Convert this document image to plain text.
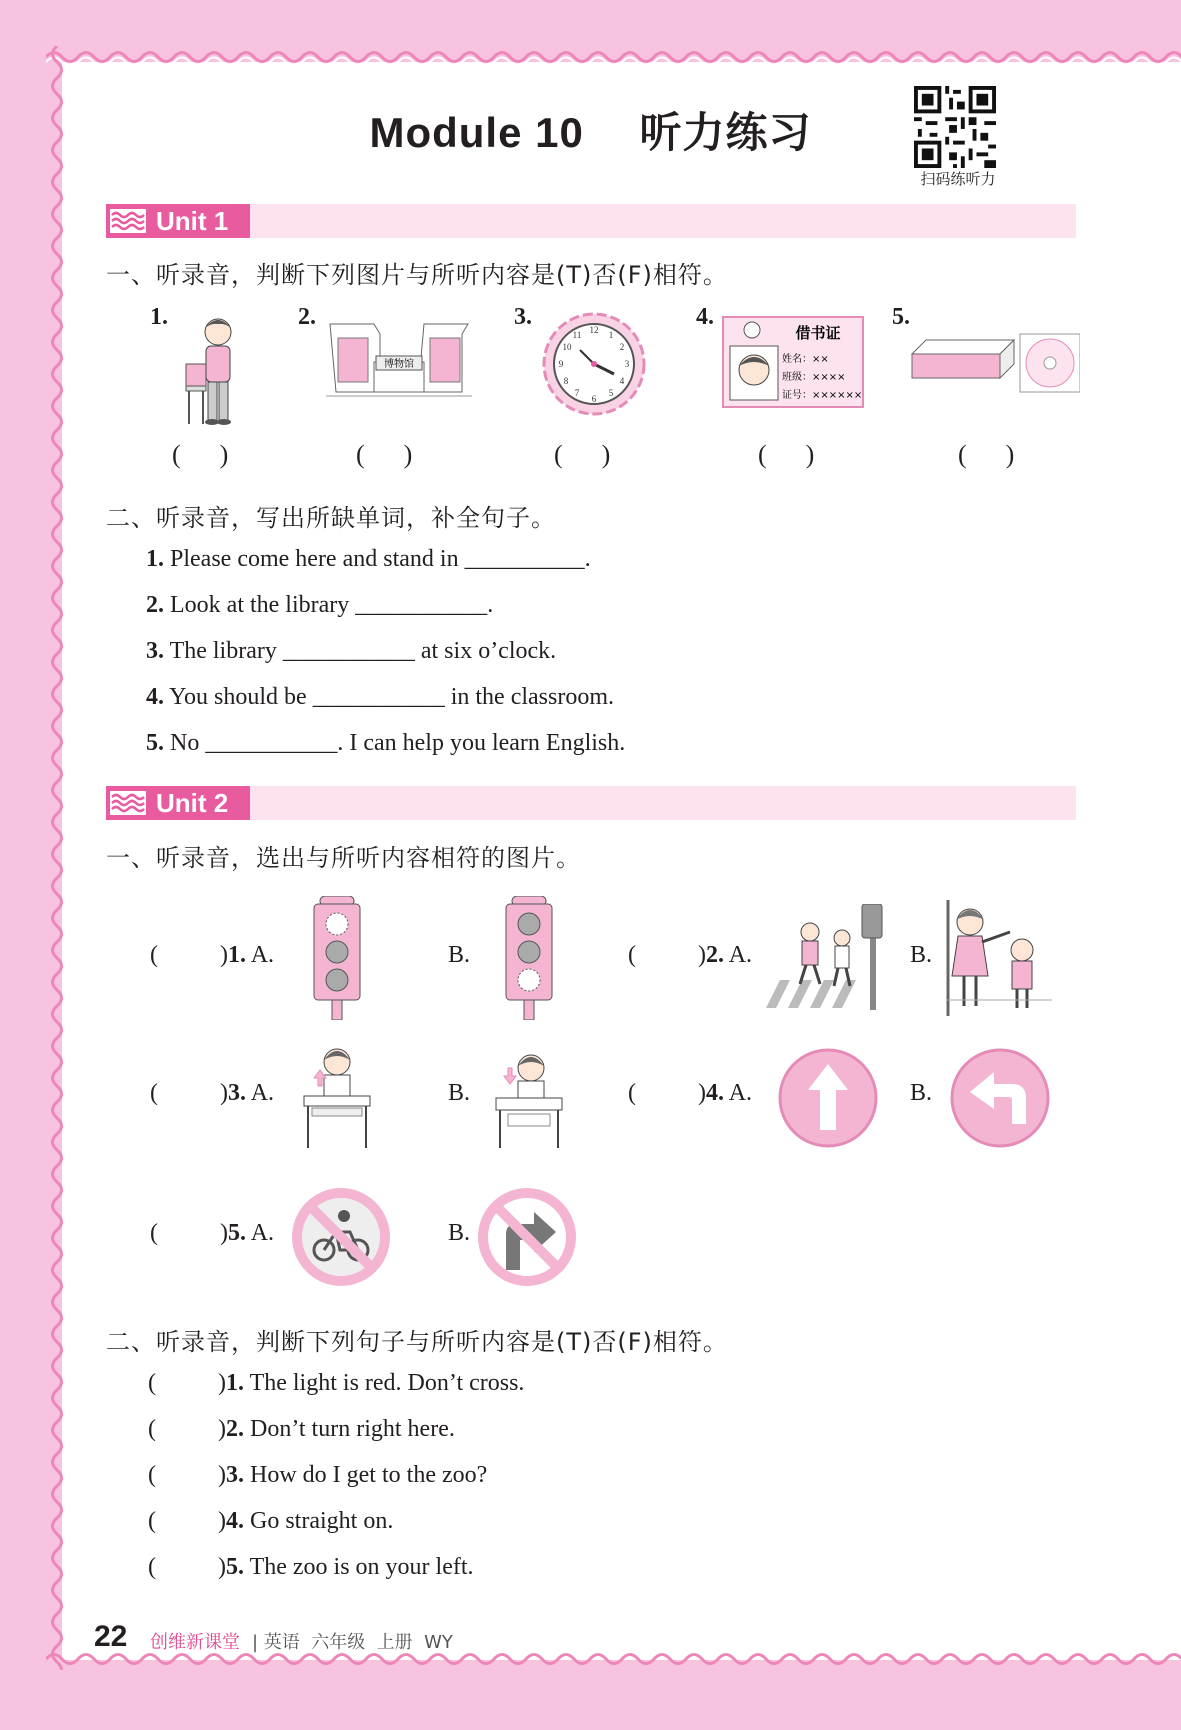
Module 10　 听力练习
扫码练听力
Unit 1
一、听录音，判断下列图片与所听内容是(T)否(F)相符。
1.	2.	3.	4.	5.
博物馆
12
6
3
9
1
2
4
5
7
8
10
11	借书证
姓名：××
班级：××××
证号：××××××
(      )	(      )	(      )	(      )	(      )
二、听录音，写出所缺单词，补全句子。
1. Please come here and stand in __________.
2. Look at the library ___________.
3. The library ___________ at six o’clock.
4. You should be ___________ in the classroom.
5. No ___________. I can help you learn English.
Unit 2
一、听录音，选出与所听内容相符的图片。
(	)1. A.	B.	(	)2. A.	B.
(	)3. A.	B.	(	)4. A.	B.
(	)5. A.	B.
二、听录音，判断下列句子与所听内容是(T)否(F)相符。
(	)1. The light is red. Don’t cross.
(	)2. Don’t turn right here.
(	)3. How do I get to the zoo?
(	)4. Go straight on.
(	)5. The zoo is on your left.
22 创维新课堂 | 英语  六年级  上册  WY
